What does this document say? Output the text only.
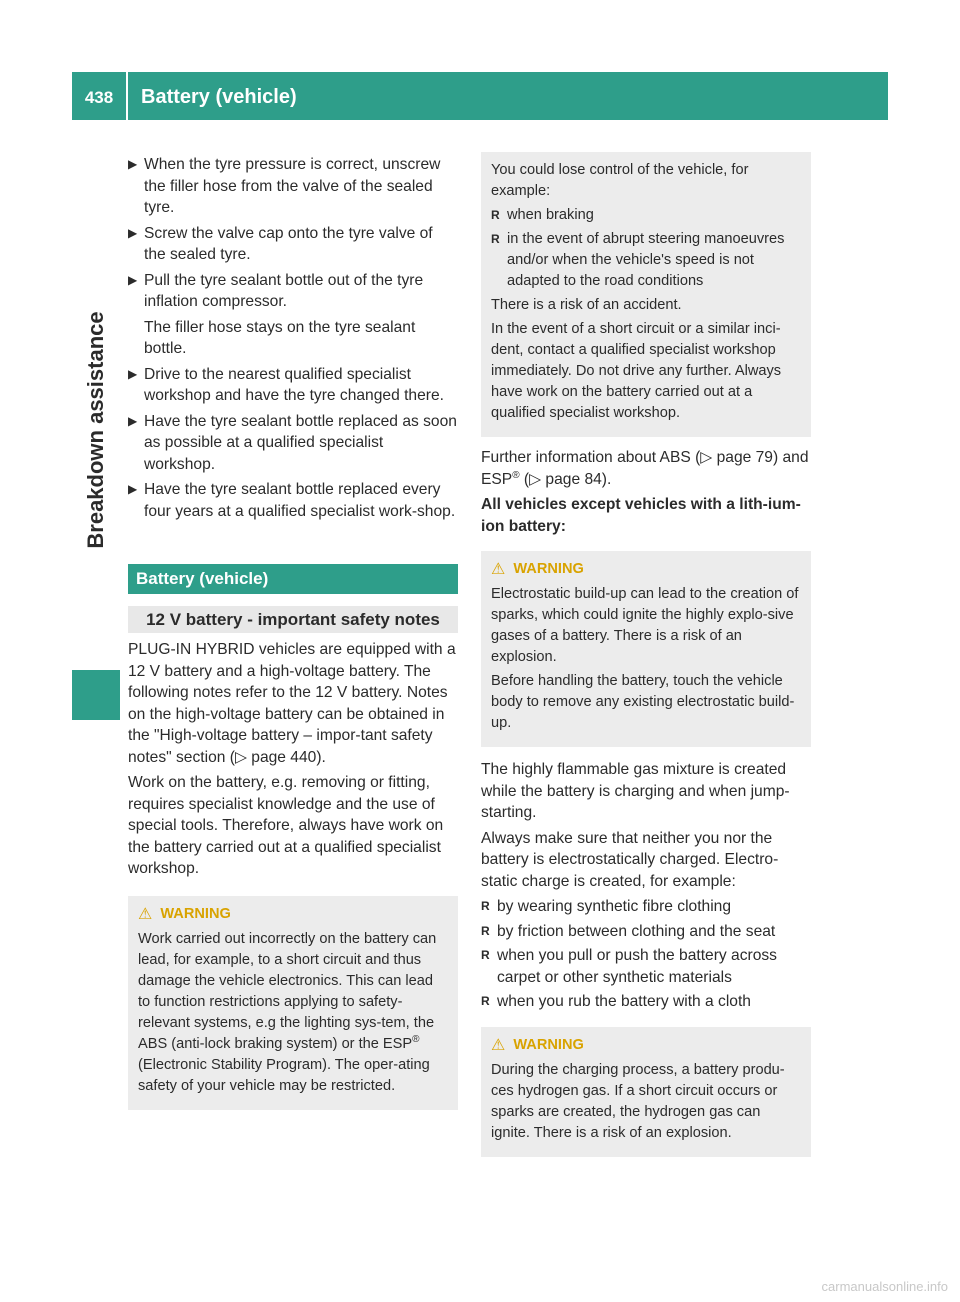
438	Battery (vehicle)
Breakdown assistance
▶ When the tyre pressure is correct, unscrew the filler hose from the valve of the sealed tyre.
▶ Screw the valve cap onto the tyre valve of the sealed tyre.
▶ Pull the tyre sealant bottle out of the tyre inflation compressor.

The filler hose stays on the tyre sealant bottle.

▶ Drive to the nearest qualified specialist workshop and have the tyre changed there.
▶ Have the tyre sealant bottle replaced as soon as possible at a qualified specialist workshop.
▶ Have the tyre sealant bottle replaced every four years at a qualified specialist work-shop.
Battery (vehicle)
12 V battery - important safety notes

PLUG-IN HYBRID vehicles are equipped with a 12 V battery and a high-voltage battery. The following notes refer to the 12 V battery. Notes on the high-voltage battery can be obtained in the "High-voltage battery – impor-tant safety notes" section (▷ page 440).

Work on the battery, e.g. removing or fitting, requires specialist knowledge and the use of special tools. Therefore, always have work on the battery carried out at a qualified specialist workshop.

⚠ WARNING

Work carried out incorrectly on the battery can lead, for example, to a short circuit and thus damage the vehicle electronics. This can lead to function restrictions applying to safety-relevant systems, e.g the lighting sys-tem, the ABS (anti-lock braking system) or the ESP® (Electronic Stability Program). The oper-ating safety of your vehicle may be restricted.

You could lose control of the vehicle, for example:

R when braking
R in the event of abrupt steering manoeuvres and/or when the vehicle's speed is not adapted to the road conditions

There is a risk of an accident.

In the event of a short circuit or a similar inci-dent, contact a qualified specialist workshop immediately. Do not drive any further. Always have work on the battery carried out at a qualified specialist workshop.

Further information about ABS (▷ page 79) and ESP® (▷ page 84).

All vehicles except vehicles with a lith-ium-ion battery:

⚠ WARNING

Electrostatic build-up can lead to the creation of sparks, which could ignite the highly explo-sive gases of a battery. There is a risk of an explosion.

Before handling the battery, touch the vehicle body to remove any existing electrostatic build-up.

The highly flammable gas mixture is created while the battery is charging and when jump-starting.

Always make sure that neither you nor the battery is electrostatically charged. Electro-static charge is created, for example:

R by wearing synthetic fibre clothing
R by friction between clothing and the seat
R when you pull or push the battery across carpet or other synthetic materials
R when you rub the battery with a cloth
⚠ WARNING

During the charging process, a battery produ-ces hydrogen gas. If a short circuit occurs or sparks are created, the hydrogen gas can ignite. There is a risk of an explosion.

carmanualsonline.info
